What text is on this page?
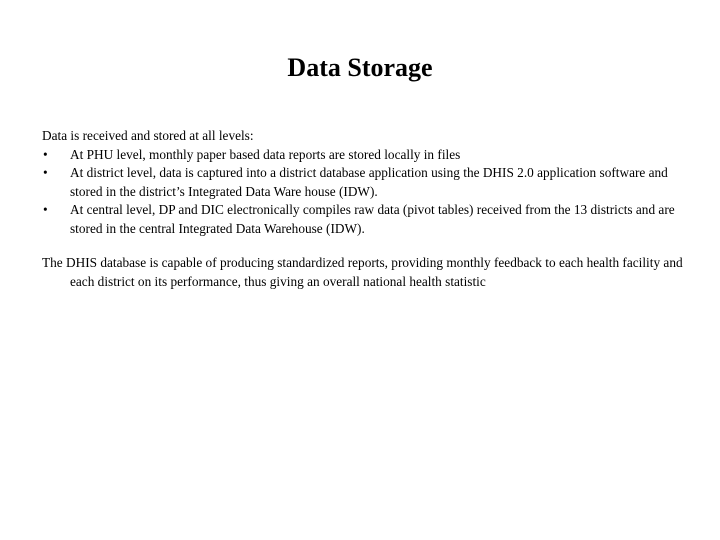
Data Storage

Data is received and stored at all levels:

• At PHU level, monthly paper based data reports are stored locally in files
• At district level, data is captured into a district database application using the DHIS 2.0 application software and stored in the district’s Integrated Data Ware house (IDW).
• At central level, DP and DIC electronically compiles raw data (pivot tables) received from the 13 districts and are stored in the central Integrated Data Warehouse (IDW).

The DHIS database is capable of producing standardized reports, providing monthly feedback to each health facility and each district on its performance, thus giving an overall national health statistic
